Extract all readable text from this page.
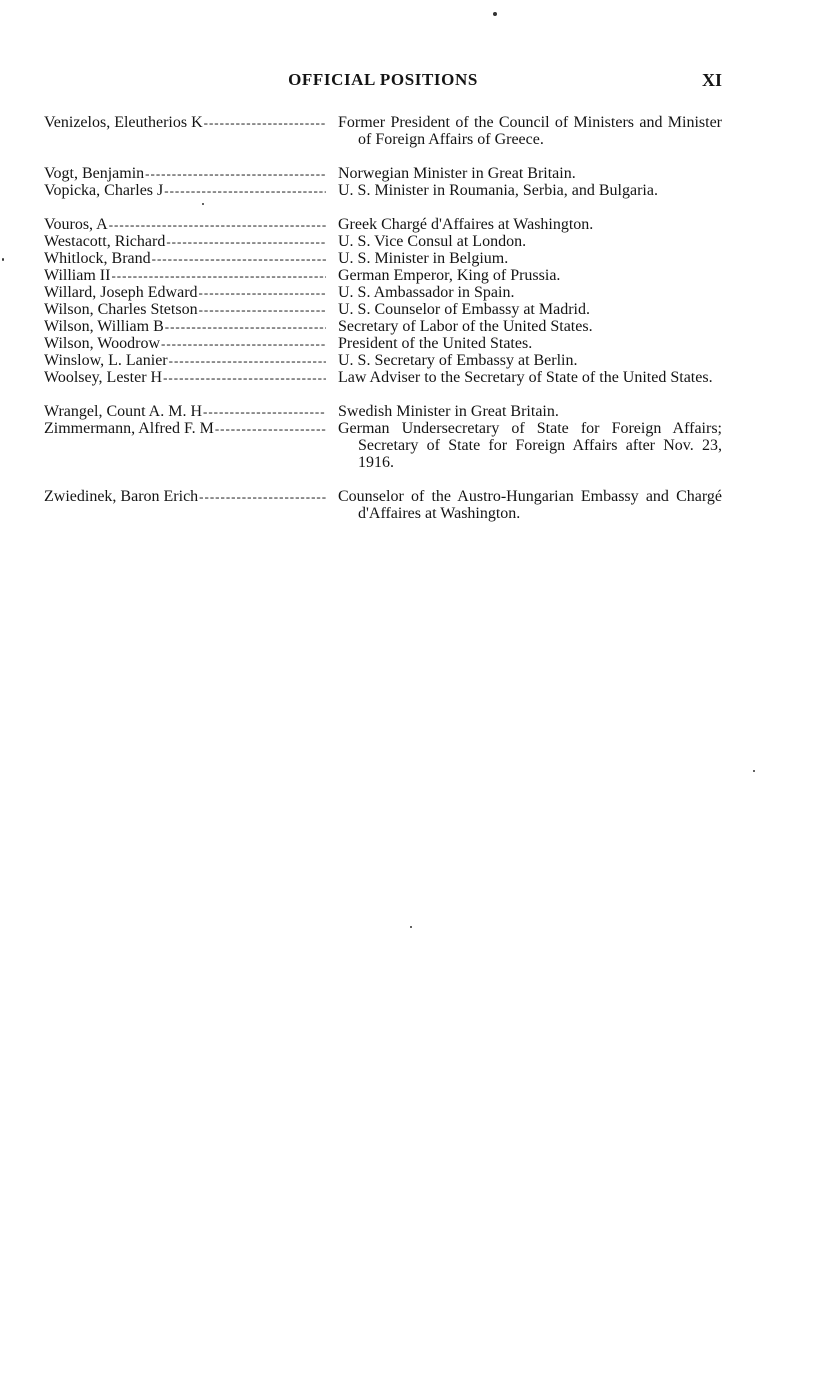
OFFICIAL POSITIONS	XI
Venizelos, Eleutherios K -----	Former President of the Council of Ministers and Minister of Foreign Affairs of Greece.
Vogt, Benjamin -----	Norwegian Minister in Great Britain.
Vopicka, Charles J -----	U. S. Minister in Roumania, Serbia, and Bulgaria.
Vouros, A -----	Greek Chargé d'Affaires at Washington.
Westacott, Richard -----	U. S. Vice Consul at London.
Whitlock, Brand -----	U. S. Minister in Belgium.
William II -----	German Emperor, King of Prussia.
Willard, Joseph Edward -----	U. S. Ambassador in Spain.
Wilson, Charles Stetson -----	U. S. Counselor of Embassy at Madrid.
Wilson, William B -----	Secretary of Labor of the United States.
Wilson, Woodrow -----	President of the United States.
Winslow, L. Lanier -----	U. S. Secretary of Embassy at Berlin.
Woolsey, Lester H -----	Law Adviser to the Secretary of State of the United States.
Wrangel, Count A. M. H -----	Swedish Minister in Great Britain.
Zimmermann, Alfred F. M -----	German Undersecretary of State for Foreign Affairs; Secretary of State for Foreign Affairs after Nov. 23, 1916.
Zwiedinek, Baron Erich -----	Counselor of the Austro-Hungarian Embassy and Chargé d'Affaires at Washington.
